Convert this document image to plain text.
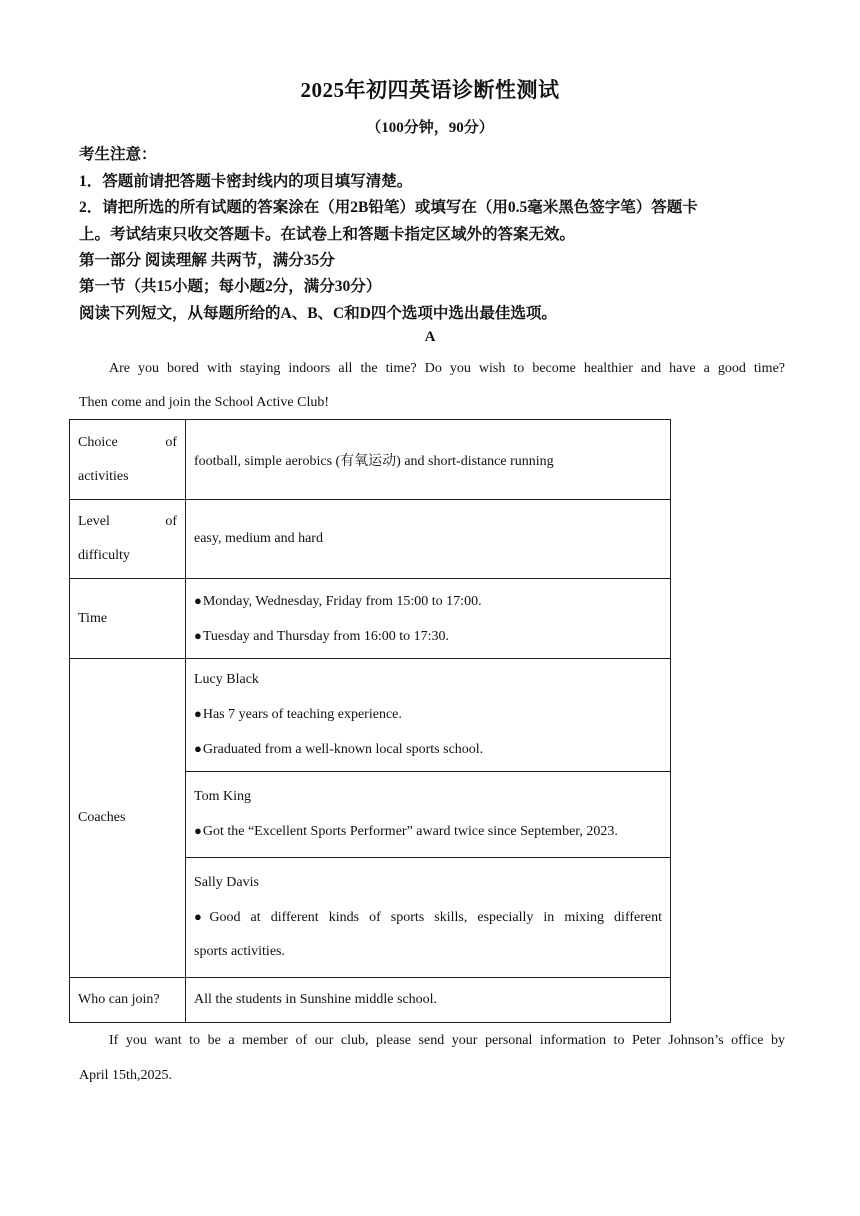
2025年初四英语诊断性测试
（100分钟，90分）
考生注意：
1．答题前请把答题卡密封线内的项目填写清楚。
2．请把所选的所有试题的答案涂在（用2B铅笔）或填写在（用0.5毫米黑色签字笔）答题卡
上。考试结束只收交答题卡。在试卷上和答题卡指定区域外的答案无效。
第一部分 阅读理解 共两节，满分35分
第一节（共15小题；每小题2分，满分30分）
阅读下列短文，从每题所给的A、B、C和D四个选项中选出最佳选项。
A
Are you bored with staying indoors all the time? Do you wish to become healthier and have a good time?
Then come and join the School Active Club!
Choice of
activities	football, simple aerobics (有氧运动) and short-distance running

Level of
difficulty	easy, medium and hard
Time	●Monday, Wednesday, Friday from 15:00 to 17:00.
●Tuesday and Thursday from 16:00 to 17:30.

Coaches	Lucy Black
●Has 7 years of teaching experience.
●Graduated from a well-known local sports school.

	Tom King
●Got the “Excellent Sports Performer” award twice since September, 2023.

	Sally Davis
●Good at different kinds of sports skills, especially in mixing different
sports activities.

Who can join?	All the students in Sunshine middle school.
If you want to be a member of our club, please send your personal information to Peter Johnson’s office by
April 15th,2025.
